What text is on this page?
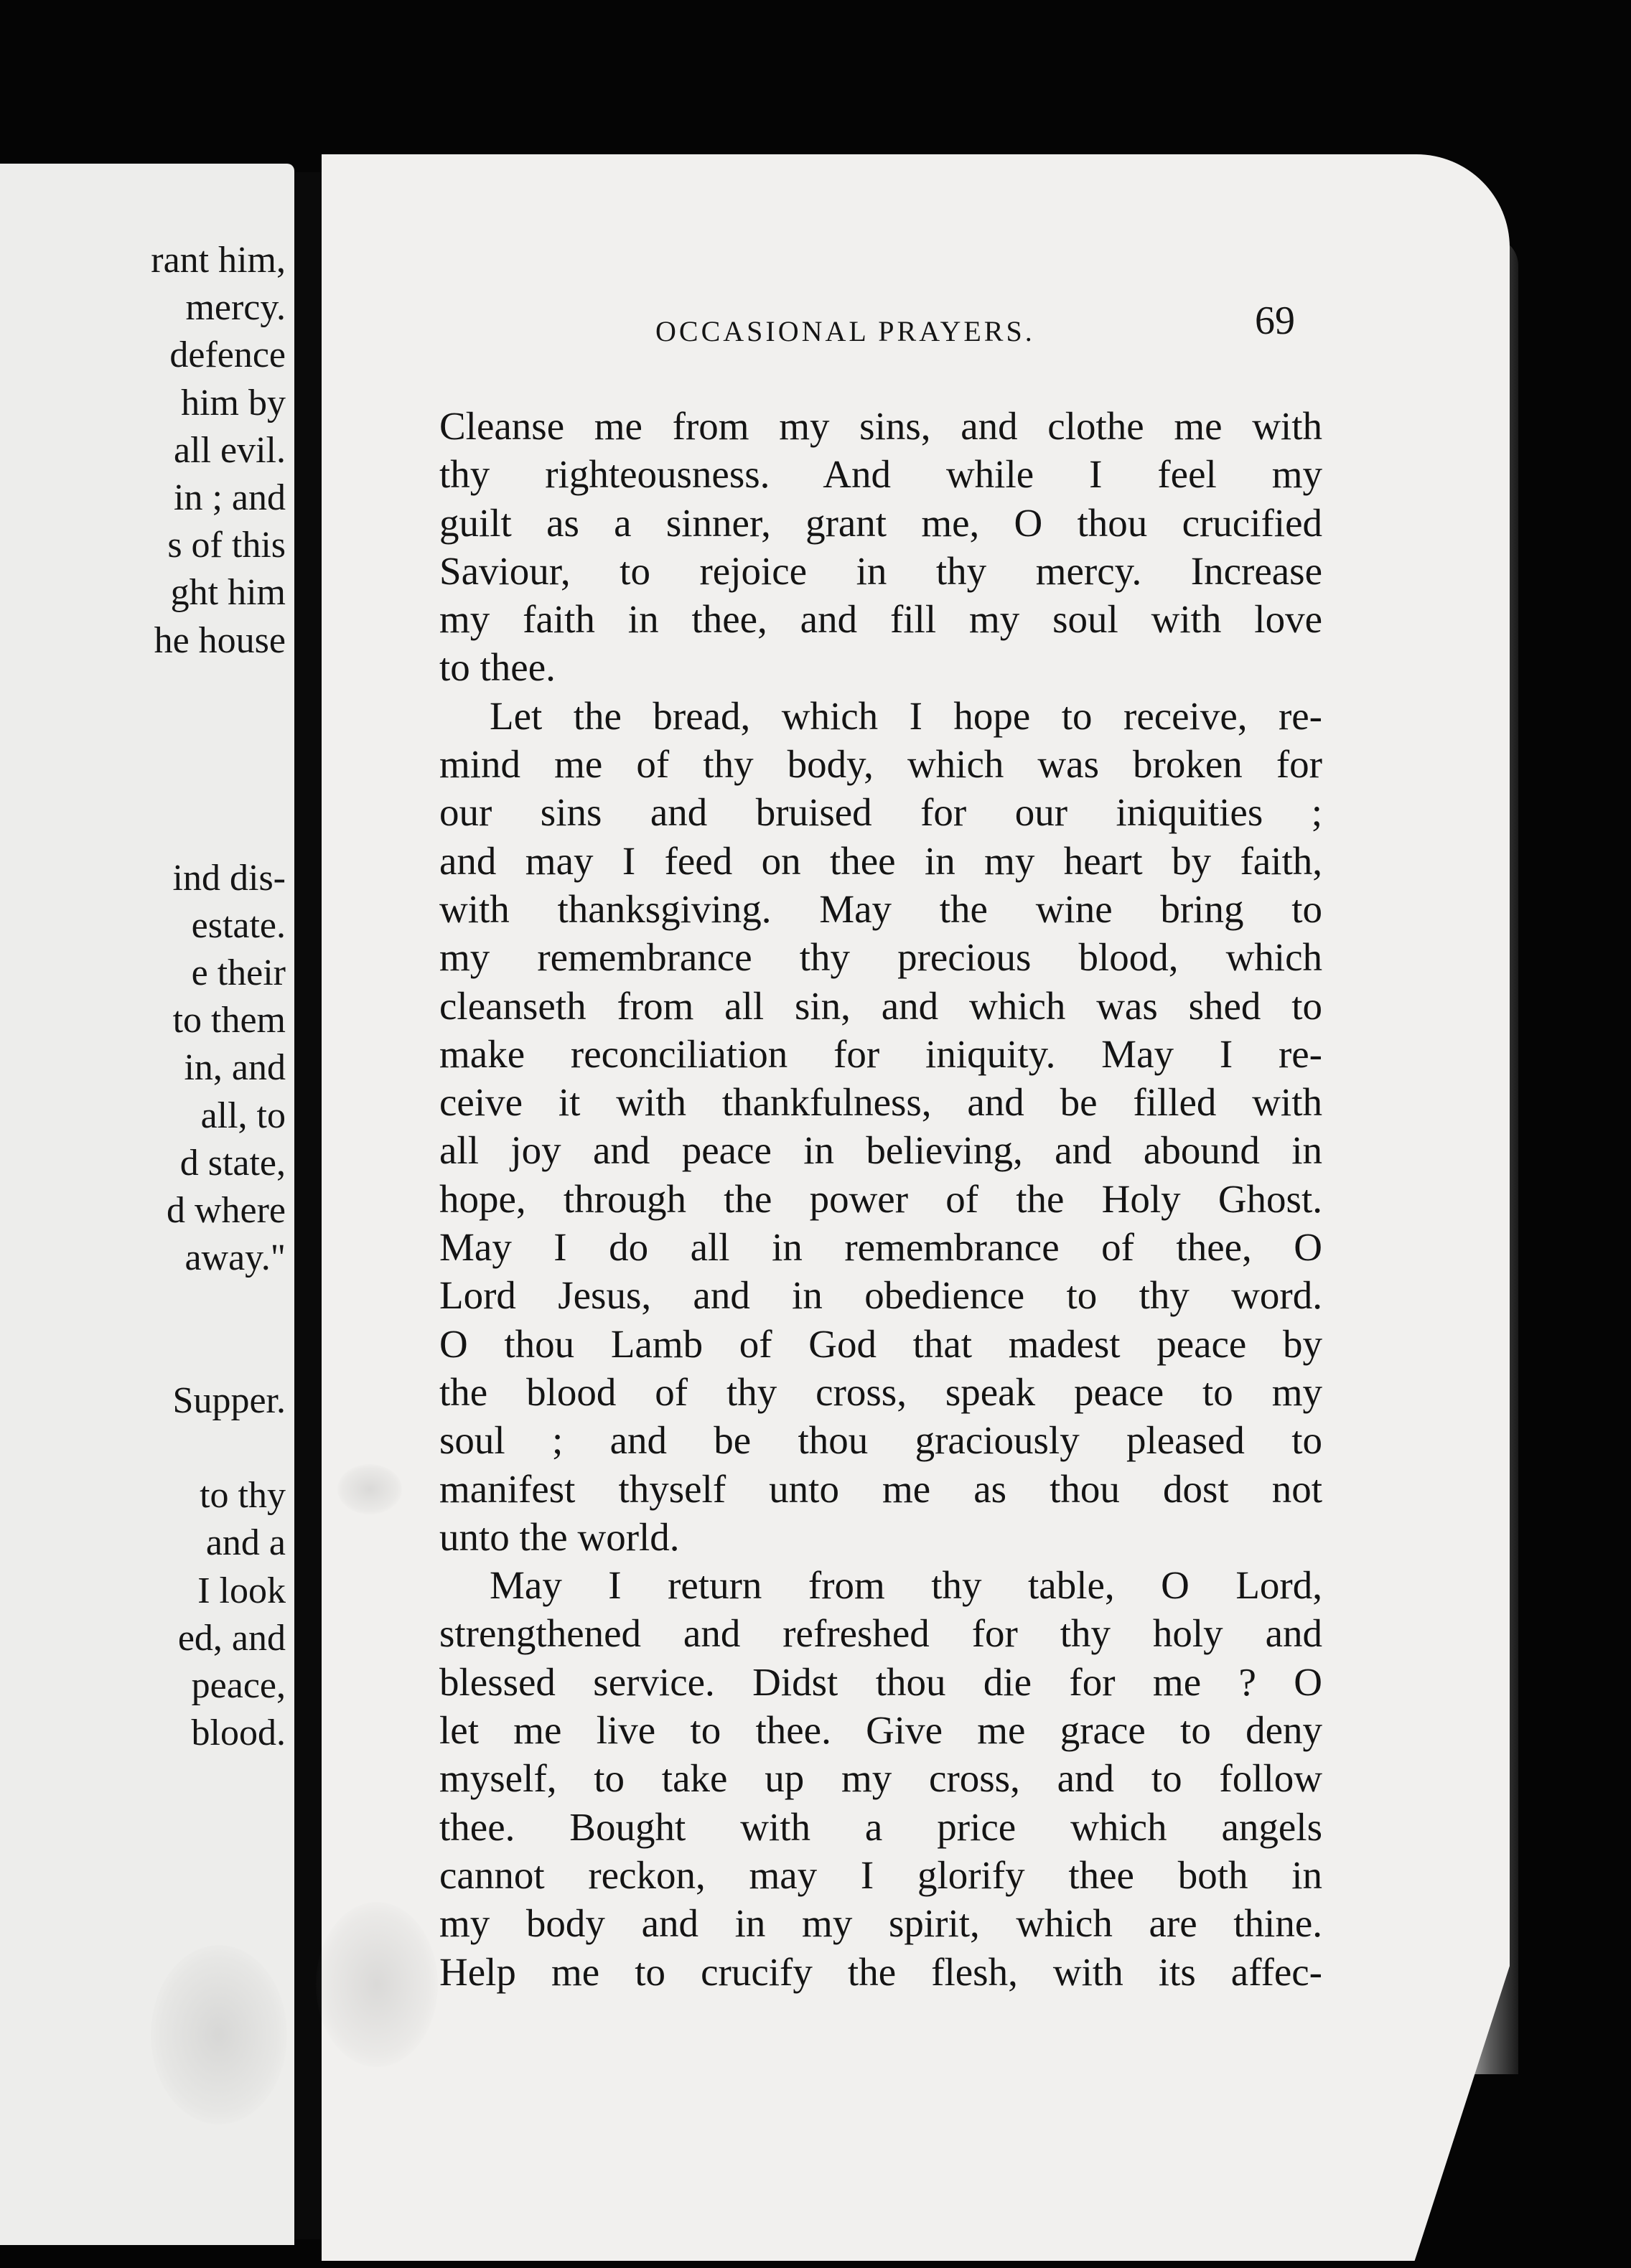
rant him,
mercy.
defence
him by
all evil.
in ; and
s of this
ght him
he house
ind dis-
estate.
e their
to them
in, and
all, to
d state,
d where
away."
Supper.
to thy
and a
I look
ed, and
peace,
blood.
OCCASIONAL PRAYERS.	69
Cleanse me from my sins, and clothe me with
thy righteousness. And while I feel my
guilt as a sinner, grant me, O thou crucified
Saviour, to rejoice in thy mercy. Increase
my faith in thee, and fill my soul with love
to thee.
Let the bread, which I hope to receive, re-
mind me of thy body, which was broken for
our sins and bruised for our iniquities ;
and may I feed on thee in my heart by faith,
with thanksgiving. May the wine bring to
my remembrance thy precious blood, which
cleanseth from all sin, and which was shed to
make reconciliation for iniquity. May I re-
ceive it with thankfulness, and be filled with
all joy and peace in believing, and abound in
hope, through the power of the Holy Ghost.
May I do all in remembrance of thee, O
Lord Jesus, and in obedience to thy word.
O thou Lamb of God that madest peace by
the blood of thy cross, speak peace to my
soul ; and be thou graciously pleased to
manifest thyself unto me as thou dost not
unto the world.
May I return from thy table, O Lord,
strengthened and refreshed for thy holy and
blessed service. Didst thou die for me ? O
let me live to thee. Give me grace to deny
myself, to take up my cross, and to follow
thee. Bought with a price which angels
cannot reckon, may I glorify thee both in
my body and in my spirit, which are thine.
Help me to crucify the flesh, with its affec-
